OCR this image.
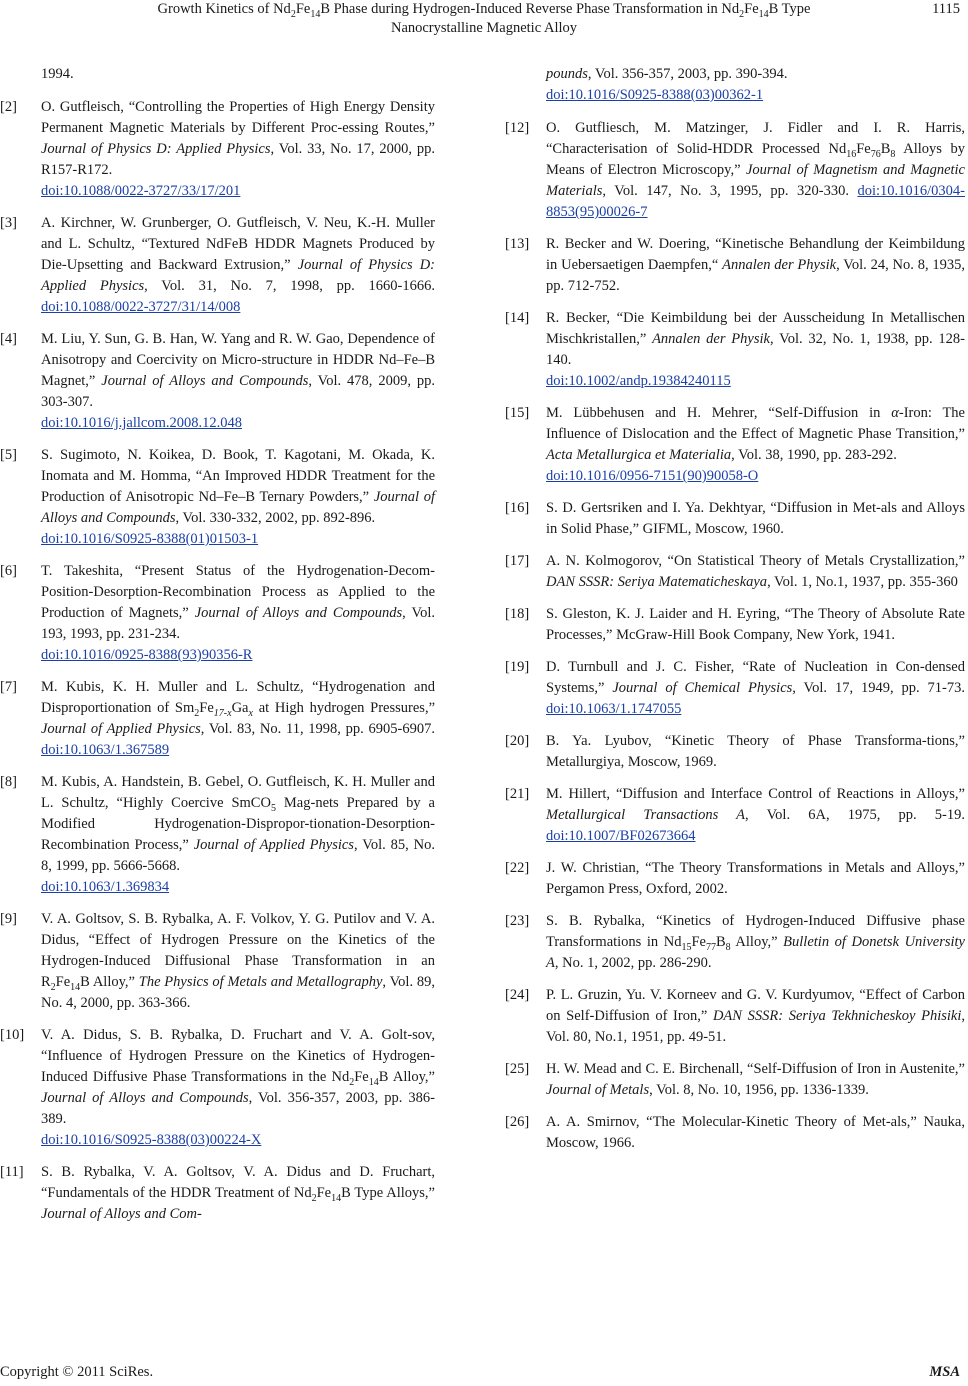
Growth Kinetics of $Nd_2Fe_{14}B$ Phase during Hydrogen-Induced Reverse Phase Transformation in $Nd_2Fe_{14}B$ Type
Nanocrystalline Magnetic Alloy
1115
1994.
[2]	O. Gutfleisch, “Controlling the Properties of High Energy Density Permanent Magnetic Materials by Different Proc-essing Routes,” Journal of Physics D: Applied Physics, Vol. 33, No. 17, 2000, pp. R157-R172.
doi:10.1088/0022-3727/33/17/201
[3]	A. Kirchner, W. Grunberger, O. Gutfleisch, V. Neu, K.-H. Muller and L. Schultz, “Textured NdFeB HDDR Magnets Produced by Die-Upsetting and Backward Extrusion,” Journal of Physics D: Applied Physics, Vol. 31, No. 7, 1998, pp. 1660-1666. doi:10.1088/0022-3727/31/14/008
[4]	M. Liu, Y. Sun, G. B. Han, W. Yang and R. W. Gao, Dependence of Anisotropy and Coercivity on Micro-structure in HDDR Nd–Fe–B Magnet,” Journal of Alloys and Compounds, Vol. 478, 2009, pp. 303-307.
doi:10.1016/j.jallcom.2008.12.048
[5]	S. Sugimoto, N. Koikea, D. Book, T. Kagotani, M. Okada, K. Inomata and M. Homma, “An Improved HDDR Treatment for the Production of Anisotropic Nd–Fe–B Ternary Powders,” Journal of Alloys and Compounds, Vol. 330-332, 2002, pp. 892-896.
doi:10.1016/S0925-8388(01)01503-1
[6]	T. Takeshita, “Present Status of the Hydrogenation-Decom-Position-Desorption-Recombination Process as Applied to the Production of Magnets,” Journal of Alloys and Compounds, Vol. 193, 1993, pp. 231-234.
doi:10.1016/0925-8388(93)90356-R
[7]	M. Kubis, K. H. Muller and L. Schultz, “Hydrogenation and Disproportionation of $Sm_2Fe_{17-x}Ga_x$ at High hydrogen Pressures,” Journal of Applied Physics, Vol. 83, No. 11, 1998, pp. 6905-6907. doi:10.1063/1.367589
[8]	M. Kubis, A. Handstein, B. Gebel, O. Gutfleisch, K. H. Muller and L. Schultz, “Highly Coercive SmCO$_5$ Mag-nets Prepared by a Modified Hydrogenation-Dispropor-tionation-Desorption-Recombination Process,” Journal of Applied Physics, Vol. 85, No. 8, 1999, pp. 5666-5668.
doi:10.1063/1.369834
[9]	V. A. Goltsov, S. B. Rybalka, A. F. Volkov, Y. G. Putilov and V. A. Didus, “Effect of Hydrogen Pressure on the Kinetics of the Hydrogen-Induced Diffusional Phase Transformation in an $R_2Fe_{14}B$ Alloy,” The Physics of Metals and Metallography, Vol. 89, No. 4, 2000, pp. 363-366.
[10]	V. A. Didus, S. B. Rybalka, D. Fruchart and V. A. Golt-sov, “Influence of Hydrogen Pressure on the Kinetics of Hydrogen-Induced Diffusive Phase Transformations in the $Nd_2Fe_{14}B$ Alloy,” Journal of Alloys and Compounds, Vol. 356-357, 2003, pp. 386-389.
doi:10.1016/S0925-8388(03)00224-X
[11]	S. B. Rybalka, V. A. Goltsov, V. A. Didus and D. Fruchart, “Fundamentals of the HDDR Treatment of $Nd_2Fe_{14}B$ Type Alloys,” Journal of Alloys and Com-
pounds, Vol. 356-357, 2003, pp. 390-394.
doi:10.1016/S0925-8388(03)00362-1
[12]	O. Gutfliesch, M. Matzinger, J. Fidler and I. R. Harris, “Characterisation of Solid-HDDR Processed $Nd_{16}Fe_{76}B_8$ Alloys by Means of Electron Microscopy,” Journal of Magnetism and Magnetic Materials, Vol. 147, No. 3, 1995, pp. 320-330. doi:10.1016/0304-8853(95)00026-7
[13]	R. Becker and W. Doering, “Kinetische Behandlung der Keimbildung in Uebersaetigen Daempfen,“ Annalen der Physik, Vol. 24, No. 8, 1935, pp. 712-752.
[14]	R. Becker, “Die Keimbildung bei der Ausscheidung In Metallischen Mischkristallen,” Annalen der Physik, Vol. 32, No. 1, 1938, pp. 128-140.
doi:10.1002/andp.19384240115
[15]	M. Lübbehusen and H. Mehrer, “Self-Diffusion in α-Iron: The Influence of Dislocation and the Effect of Magnetic Phase Transition,” Acta Metallurgica et Materialia, Vol. 38, 1990, pp. 283-292.
doi:10.1016/0956-7151(90)90058-O
[16]	S. D. Gertsriken and I. Ya. Dekhtyar, “Diffusion in Met-als and Alloys in Solid Phase,” GIFML, Moscow, 1960.
[17]	A. N. Kolmogorov, “On Statistical Theory of Metals Crystallization,” DAN SSSR: Seriya Matematicheskaya, Vol. 1, No.1, 1937, pp. 355-360
[18]	S. Gleston, K. J. Laider and H. Eyring, “The Theory of Absolute Rate Processes,” McGraw-Hill Book Company, New York, 1941.
[19]	D. Turnbull and J. C. Fisher, “Rate of Nucleation in Con-densed Systems,” Journal of Chemical Physics, Vol. 17, 1949, pp. 71-73. doi:10.1063/1.1747055
[20]	B. Ya. Lyubov, “Kinetic Theory of Phase Transforma-tions,” Metallurgiya, Moscow, 1969.
[21]	M. Hillert, “Diffusion and Interface Control of Reactions in Alloys,” Metallurgical Transactions A, Vol. 6A, 1975, pp. 5-19. doi:10.1007/BF02673664
[22]	J. W. Christian, “The Theory Transformations in Metals and Alloys,” Pergamon Press, Oxford, 2002.
[23]	S. B. Rybalka, “Kinetics of Hydrogen-Induced Diffusive phase Transformations in $Nd_{15}Fe_{77}B_8$ Alloy,” Bulletin of Donetsk University A, No. 1, 2002, pp. 286-290.
[24]	P. L. Gruzin, Yu. V. Korneev and G. V. Kurdyumov, “Effect of Carbon on Self-Diffusion of Iron,” DAN SSSR: Seriya Tekhnicheskoy Phisiki, Vol. 80, No.1, 1951, pp. 49-51.
[25]	H. W. Mead and C. E. Birchenall, “Self-Diffusion of Iron in Austenite,” Journal of Metals, Vol. 8, No. 10, 1956, pp. 1336-1339.
[26]	A. A. Smirnov, “The Molecular-Kinetic Theory of Met-als,” Nauka, Moscow, 1966.
Copyright © 2011 SciRes.	MSA
